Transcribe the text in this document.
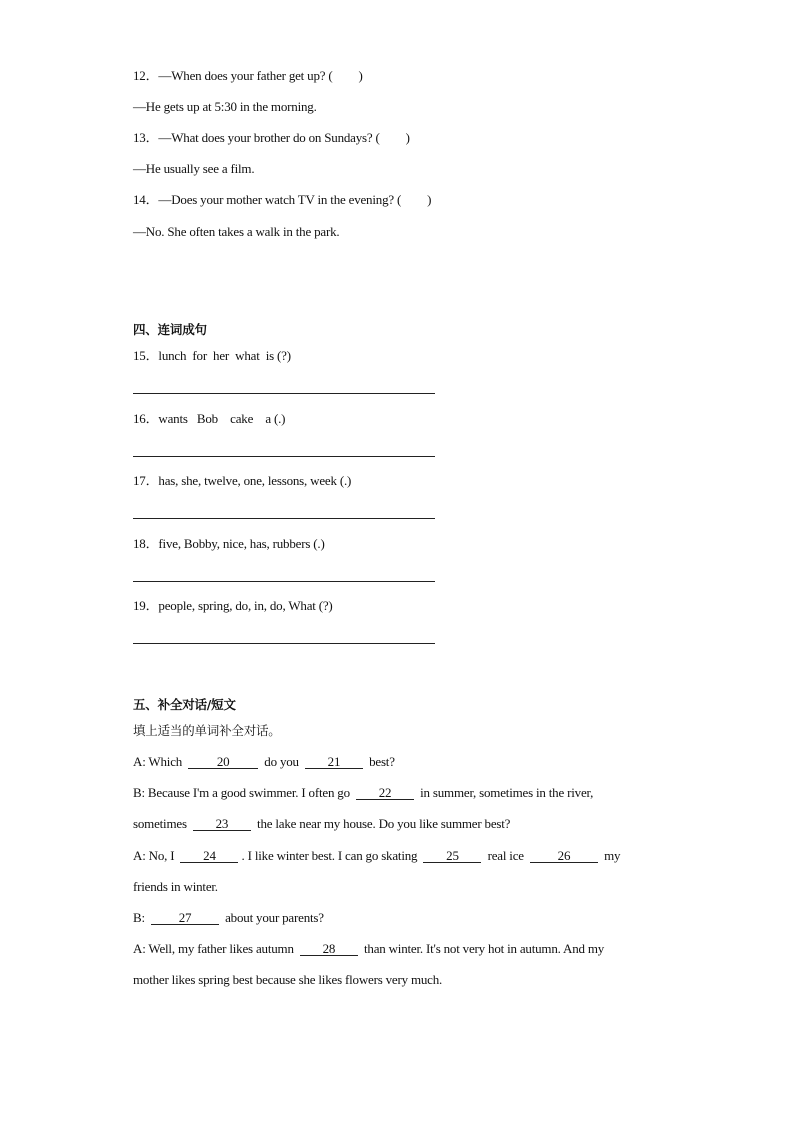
12．—When does your father get up? ( )
—He gets up at 5:30 in the morning.
13．—What does your brother do on Sundays? ( )
—He usually see a film.
14．—Does your mother watch TV in the evening? ( )
—No. She often takes a walk in the park.
四、连词成句
15．lunch  for  her  what  is (?)
16．wants   Bob    cake    a (.)
17．has, she, twelve, one, lessons, week (.)
18．five, Bobby, nice, has, rubbers (.)
19．people, spring, do, in, do, What (?)
五、补全对话/短文
填上适当的单词补全对话。
A: Which  20  do you  21  best?
B: Because I'm a good swimmer. I often go  22  in summer, sometimes in the river,
sometimes  23  the lake near my house. Do you like summer best?
A: No, I  24 . I like winter best. I can go skating  25  real ice  26  my
friends in winter.
B:  27  about your parents?
A: Well, my father likes autumn  28  than winter. It's not very hot in autumn. And my
mother likes spring best because she likes flowers very much.
